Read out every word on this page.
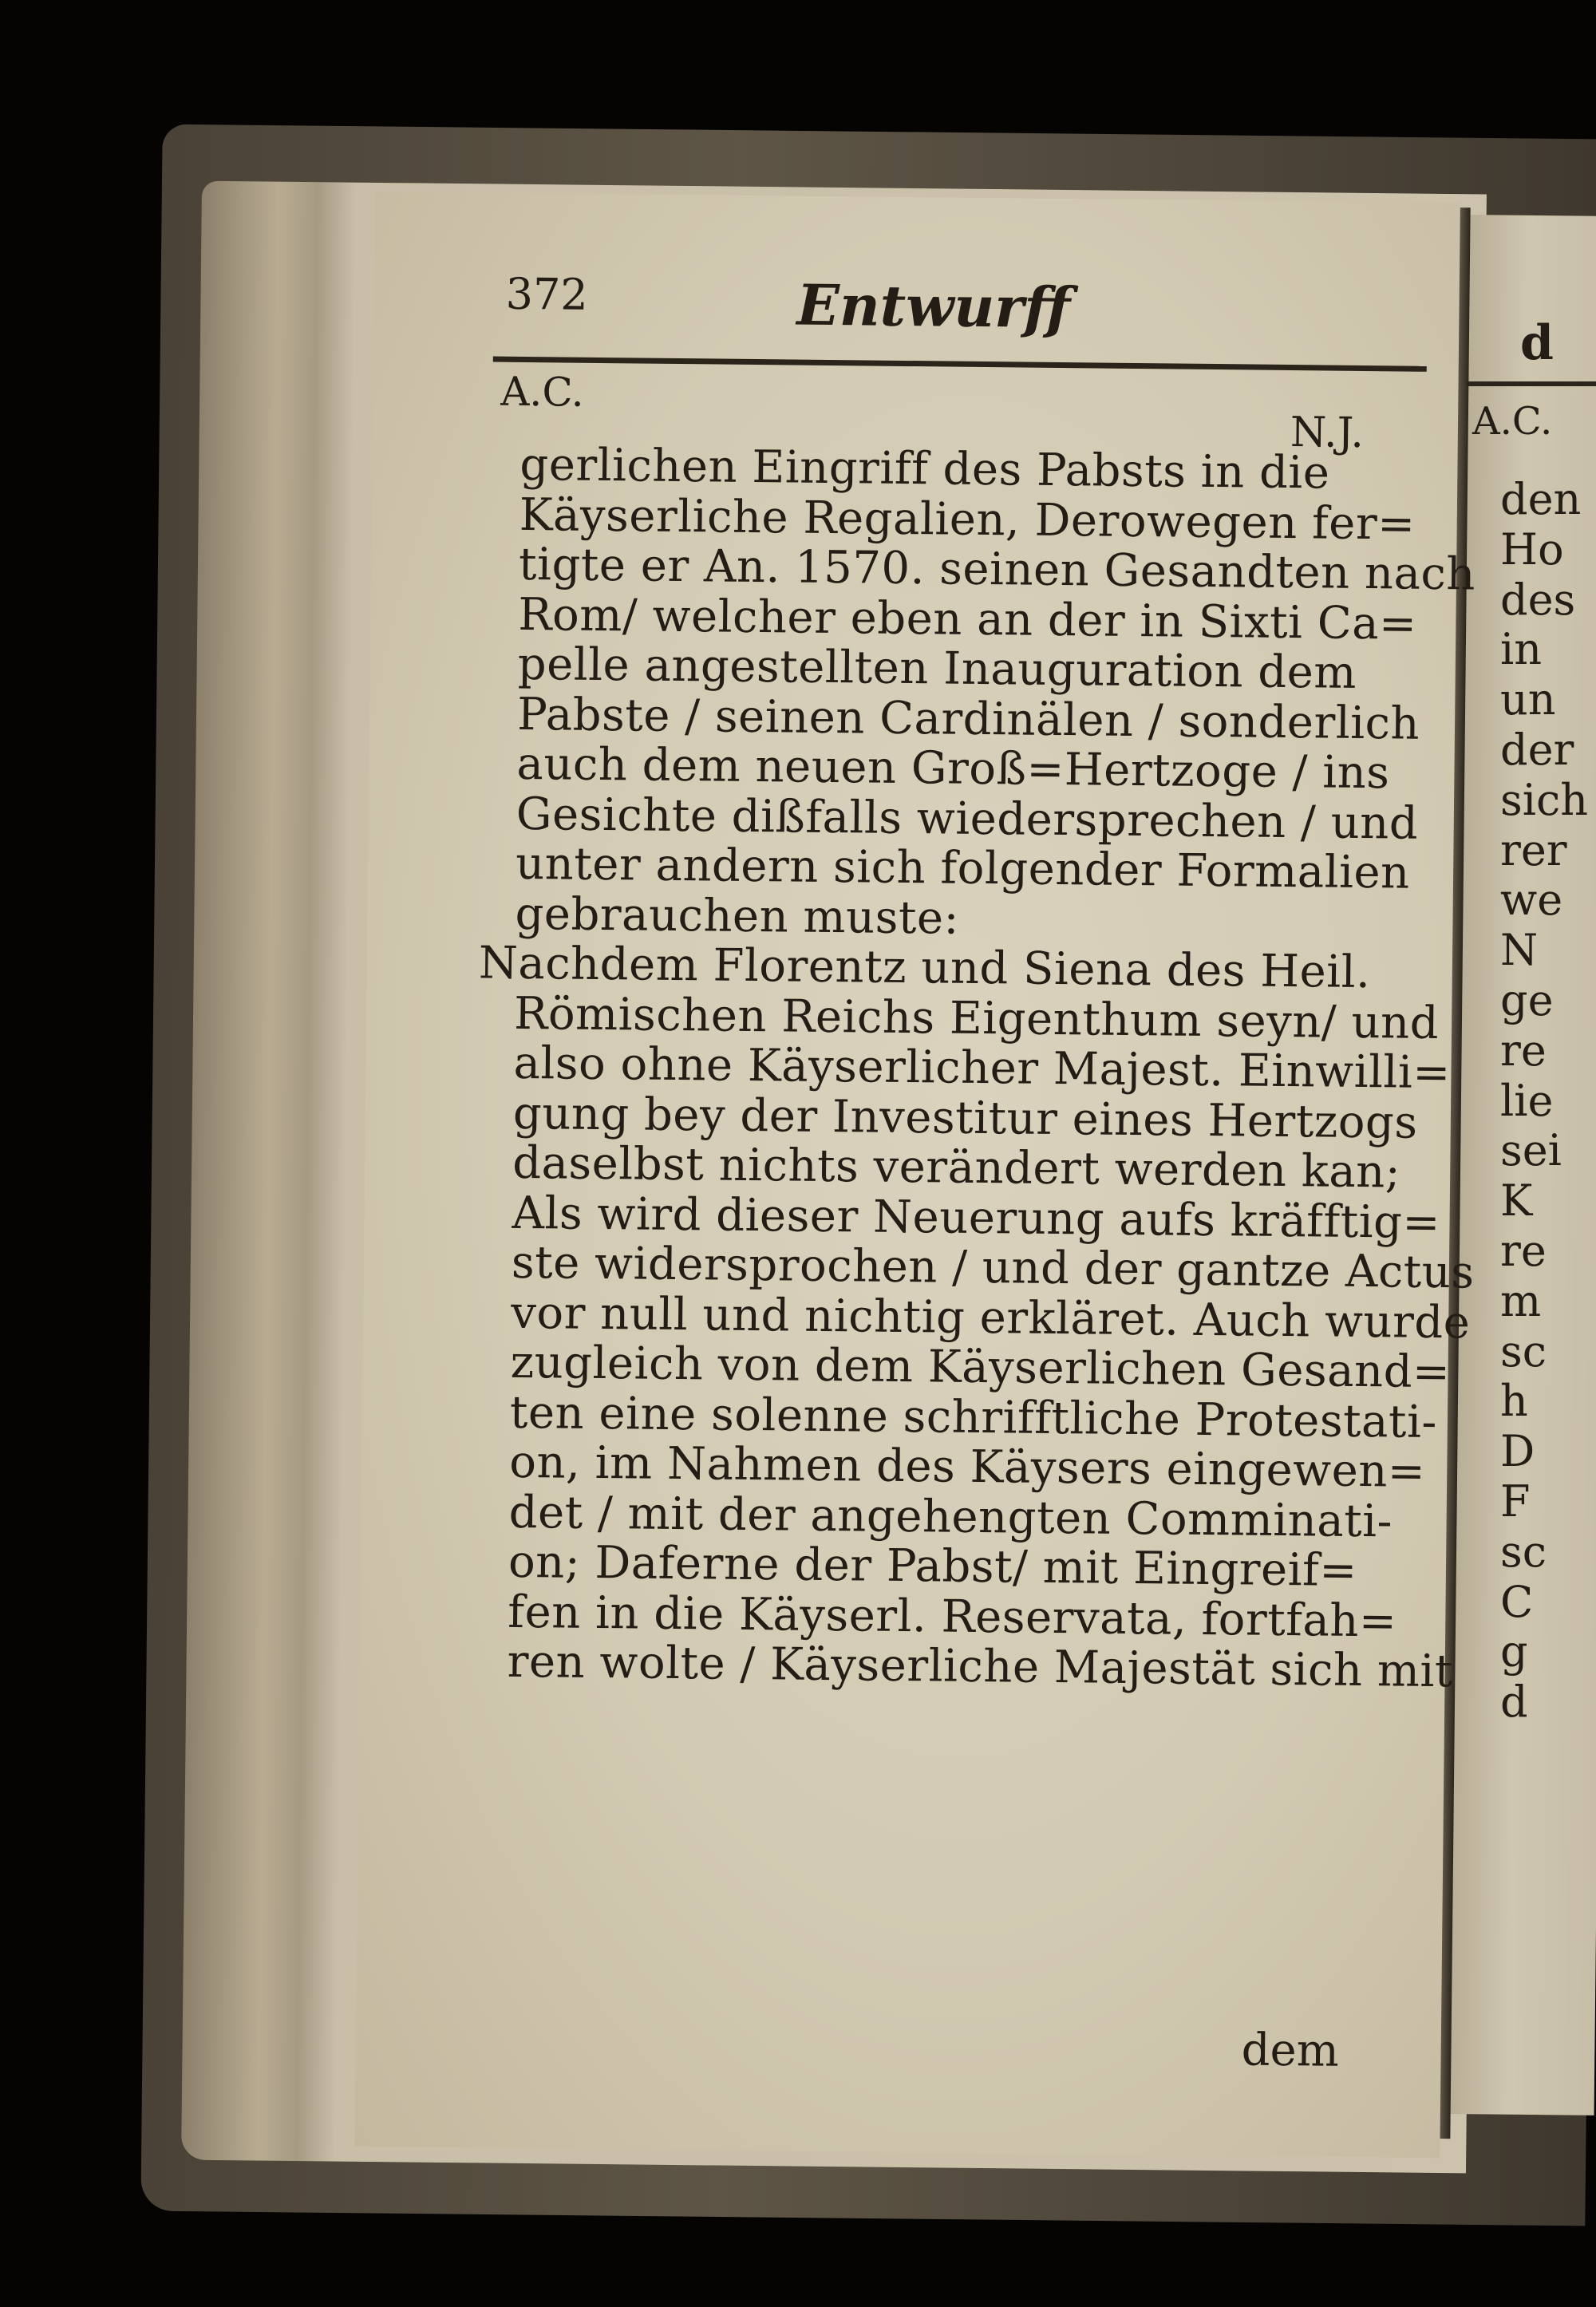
d
A.C.
den
Ho
des
in
un
der
sich
rer
we
N
ge
re
lie
sei
K
re
m
sc
h
D
F
sc
C
g
d
372	Entwurff
A.C.
N.J.
gerlichen Eingriff des Pabsts in die
Käyserliche Regalien, Derowegen fer=
tigte er An. 1570. seinen Gesandten nach
Rom/ welcher eben an der in Sixti Ca=
pelle angestellten Inauguration dem
Pabste / seinen Cardinälen / sonderlich
auch dem neuen Groß=Hertzoge / ins
Gesichte dißfalls wiedersprechen / und
unter andern sich folgender Formalien
gebrauchen muste:
Nachdem Florentz und Siena des Heil.
Römischen Reichs Eigenthum seyn/ und
also ohne Käyserlicher Majest. Einwilli=
gung bey der Investitur eines Hertzogs
daselbst nichts verändert werden kan;
Als wird dieser Neuerung aufs kräfftig=
ste widersprochen / und der gantze Actus
vor null und nichtig erkläret. Auch wurde
zugleich von dem Käyserlichen Gesand=
ten eine solenne schrifftliche Protestati-
on, im Nahmen des Käysers eingewen=
det / mit der angehengten Comminati-
on; Daferne der Pabst/ mit Eingreif=
fen in die Käyserl. Reservata, fortfah=
ren wolte / Käyserliche Majestät sich mit
dem
